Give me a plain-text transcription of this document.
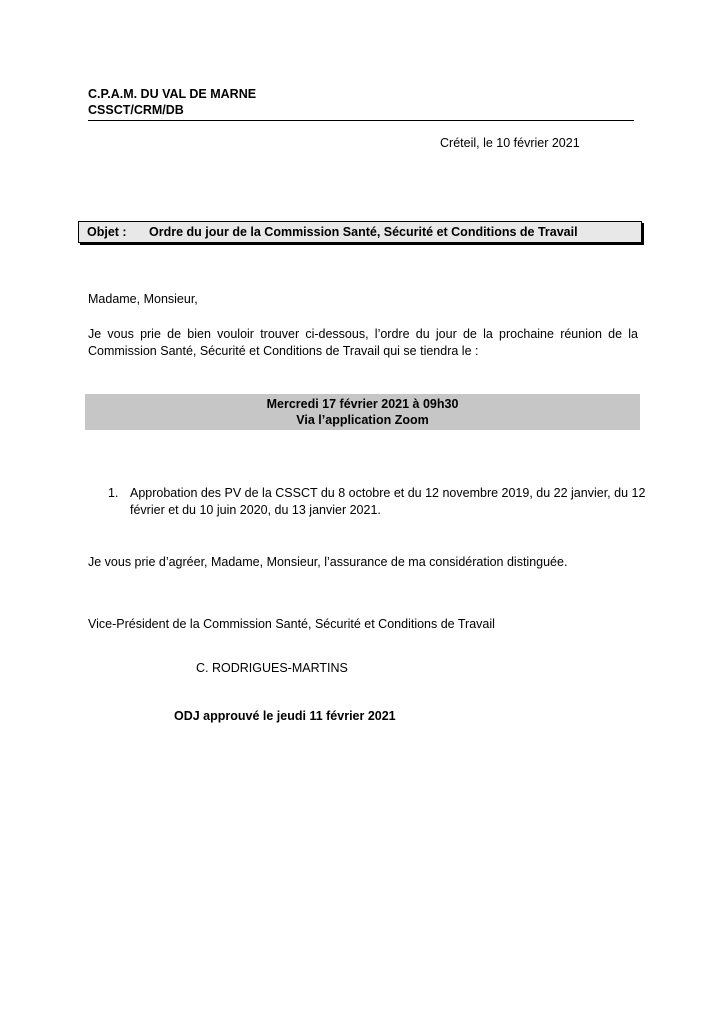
C.P.A.M. DU VAL DE MARNE
CSSCT/CRM/DB
Créteil, le 10 février 2021
Objet : Ordre du jour de la Commission Santé, Sécurité et Conditions de Travail
Madame, Monsieur,
Je vous prie de bien vouloir trouver ci-dessous, l’ordre du jour de la prochaine réunion de la Commission Santé, Sécurité et Conditions de Travail qui se tiendra le :
Mercredi 17 février 2021 à 09h30
Via l’application Zoom
1. Approbation des PV de la CSSCT du 8 octobre et du 12 novembre 2019, du 22 janvier, du 12 février et du 10 juin 2020, du 13 janvier 2021.
Je vous prie d’agréer, Madame, Monsieur, l’assurance de ma considération distinguée.
Vice-Président de la Commission Santé, Sécurité et Conditions de Travail
C. RODRIGUES-MARTINS
ODJ approuvé le jeudi 11 février 2021
